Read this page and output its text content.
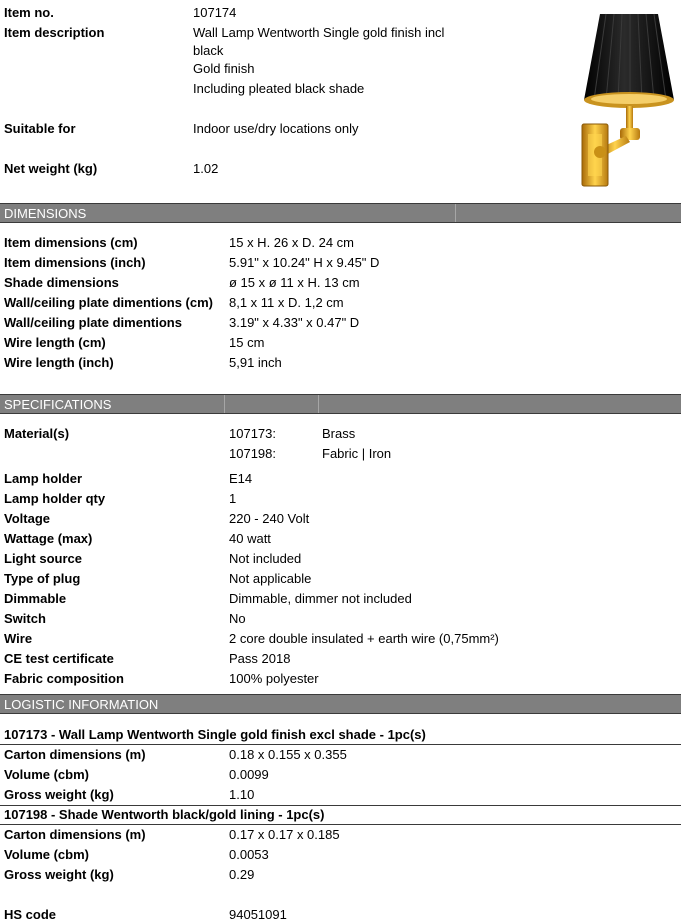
Item no.	107174
Item description	Wall Lamp Wentworth Single gold finish incl
black
Gold finish
Including pleated black shade
Suitable for	Indoor use/dry locations only
Net weight (kg)	1.02
DIMENSIONS
Item dimensions (cm)	15 x H. 26 x D. 24 cm
Item dimensions (inch)	5.91" x 10.24" H x 9.45" D
Shade dimensions	ø 15 x ø 11 x H. 13 cm
Wall/ceiling plate dimentions (cm) 8,1 x 11 x D. 1,2 cm
Wall/ceiling plate dimentions	3.19" x 4.33" x 0.47" D
Wire length (cm)	15 cm
Wire length (inch)	5,91 inch
SPECIFICATIONS
Material(s)	107173:	Brass
107198:	Fabric | Iron
Lamp holder	E14
Lamp holder qty	1
Voltage	220 - 240 Volt
Wattage (max)	40 watt
Light source	Not included
Type of plug	Not applicable
Dimmable	Dimmable, dimmer not included
Switch	No
Wire	2 core double insulated + earth wire (0,75mm²)
CE test certificate	Pass 2018
Fabric composition	100% polyester
LOGISTIC INFORMATION
107173 - Wall Lamp Wentworth Single gold finish excl shade - 1pc(s)
Carton dimensions (m)	0.18 x 0.155 x 0.355
Volume (cbm)	0.0099
Gross weight (kg)	1.10
107198 - Shade Wentworth black/gold lining - 1pc(s)
Carton dimensions (m)	0.17 x 0.17 x 0.185
Volume (cbm)	0.0053
Gross weight (kg)	0.29
HS code	94051091
